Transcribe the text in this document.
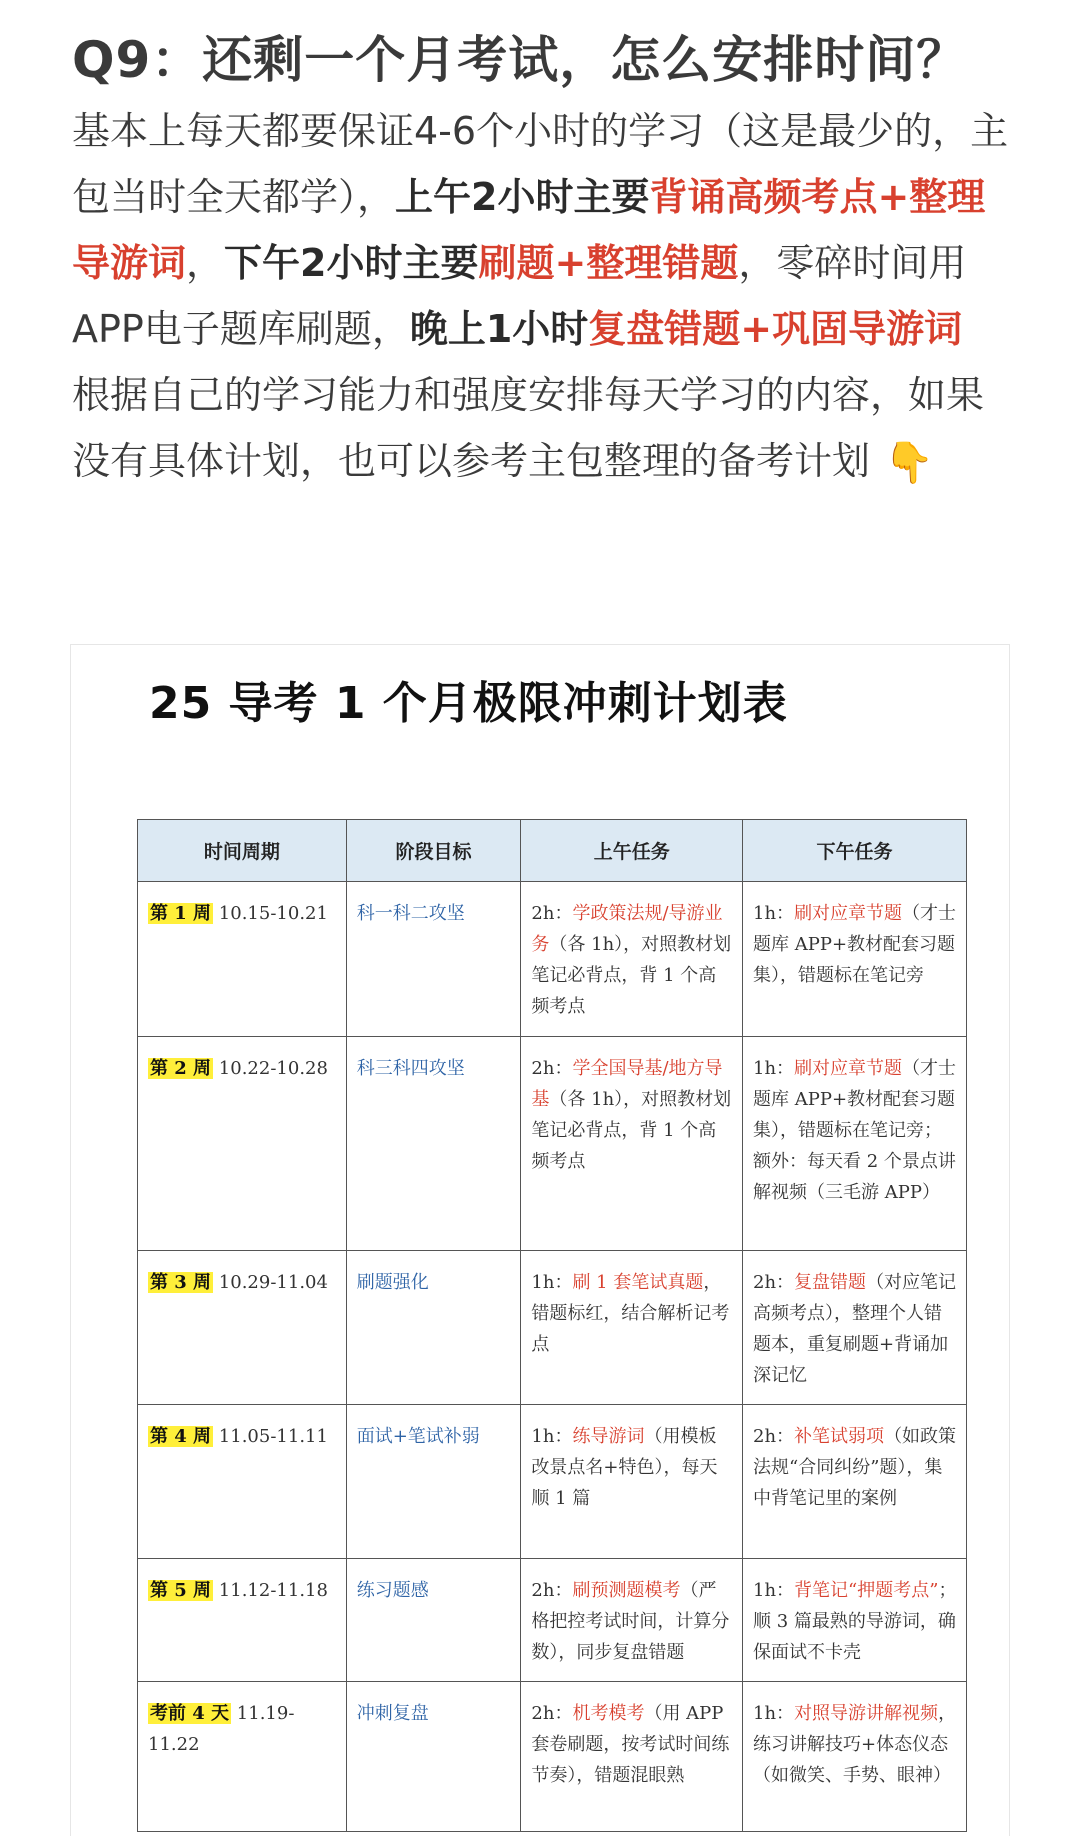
Q9：还剩一个月考试，怎么安排时间？
基本上每天都要保证4-6个小时的学习（这是最少的，主包当时全天都学），上午2小时主要背诵高频考点+整理导游词，下午2小时主要刷题+整理错题，零碎时间用APP电子题库刷题，晚上1小时复盘错题+巩固导游词
根据自己的学习能力和强度安排每天学习的内容，如果没有具体计划，也可以参考主包整理的备考计划 👇
25 导考 1 个月极限冲刺计划表
时间周期	阶段目标	上午任务	下午任务
第 1 周 10.15-10.21	科一科二攻坚	2h：学政策法规/导游业务（各 1h），对照教材划笔记必背点，背 1 个高频考点	1h：刷对应章节题（才士题库 APP+教材配套习题集），错题标在笔记旁
第 2 周 10.22-10.28	科三科四攻坚	2h：学全国导基/地方导基（各 1h），对照教材划笔记必背点，背 1 个高频考点	1h：刷对应章节题（才士题库 APP+教材配套习题集），错题标在笔记旁；额外：每天看 2 个景点讲解视频（三毛游 APP）
第 3 周 10.29-11.04	刷题强化	1h：刷 1 套笔试真题，错题标红，结合解析记考点	2h：复盘错题（对应笔记高频考点），整理个人错题本，重复刷题+背诵加深记忆
第 4 周 11.05-11.11	面试+笔试补弱	1h：练导游词（用模板改景点名+特色），每天顺 1 篇	2h：补笔试弱项（如政策法规“合同纠纷”题），集中背笔记里的案例
第 5 周 11.12-11.18	练习题感	2h：刷预测题模考（严格把控考试时间，计算分数），同步复盘错题	1h：背笔记“押题考点”；顺 3 篇最熟的导游词，确保面试不卡壳
考前 4 天 11.19-11.22	冲刺复盘	2h：机考模考（用 APP 套卷刷题，按考试时间练节奏），错题混眼熟	1h：对照导游讲解视频，练习讲解技巧+体态仪态（如微笑、手势、眼神）
